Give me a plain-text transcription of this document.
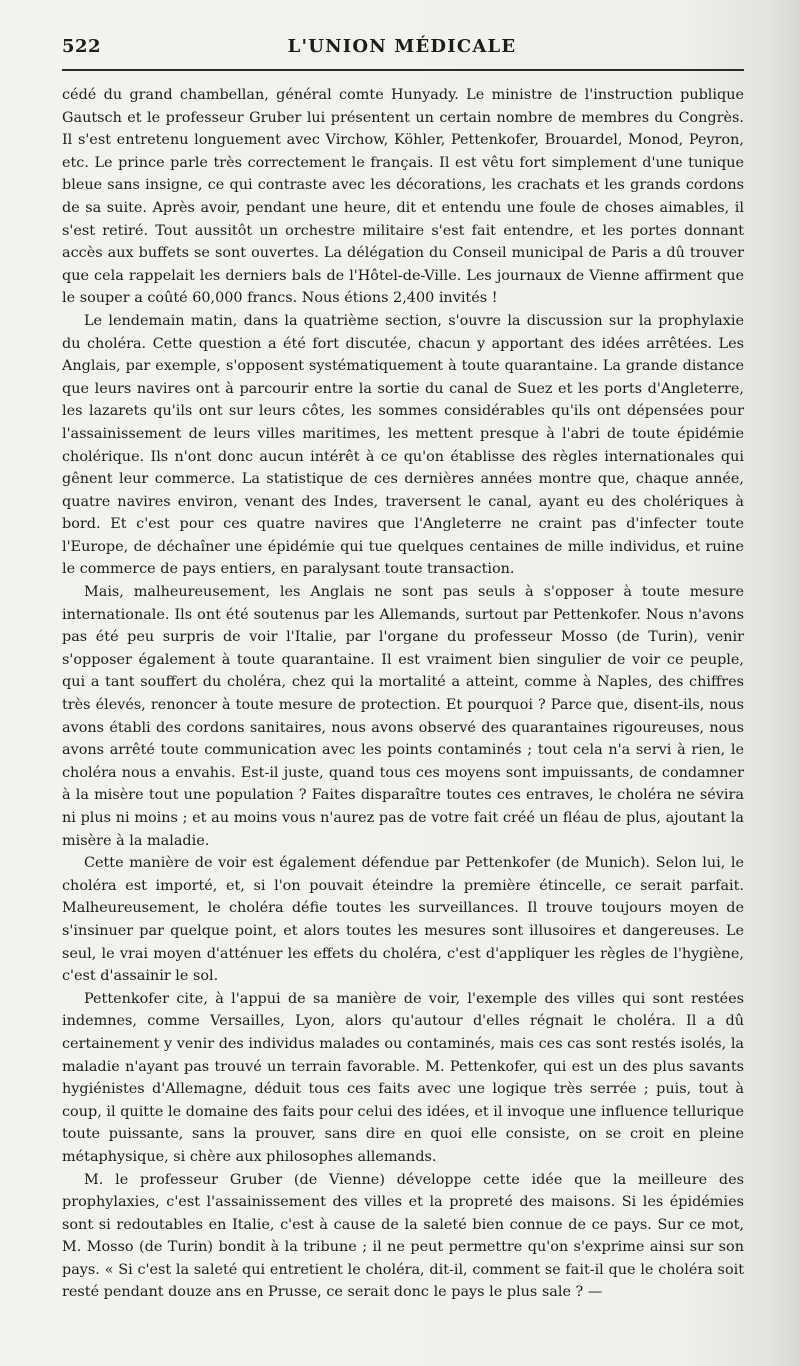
522	L'UNION MÉDICALE

cédé du grand chambellan, général comte Hunyady. Le ministre de l'instruction publique Gautsch et le professeur Gruber lui présentent un certain nombre de membres du Congrès. Il s'est entretenu longuement avec Virchow, Köhler, Pettenkofer, Brouardel, Monod, Peyron, etc. Le prince parle très correctement le français. Il est vêtu fort simplement d'une tunique bleue sans insigne, ce qui contraste avec les décorations, les crachats et les grands cordons de sa suite. Après avoir, pendant une heure, dit et entendu une foule de choses aimables, il s'est retiré. Tout aussitôt un orchestre militaire s'est fait entendre, et les portes donnant accès aux buffets se sont ouvertes. La délégation du Conseil municipal de Paris a dû trouver que cela rappelait les derniers bals de l'Hôtel-de-Ville. Les journaux de Vienne affirment que le souper a coûté 60,000 francs. Nous étions 2,400 invités !

Le lendemain matin, dans la quatrième section, s'ouvre la discussion sur la prophylaxie du choléra. Cette question a été fort discutée, chacun y apportant des idées arrêtées. Les Anglais, par exemple, s'opposent systématiquement à toute quarantaine. La grande distance que leurs navires ont à parcourir entre la sortie du canal de Suez et les ports d'Angleterre, les lazarets qu'ils ont sur leurs côtes, les sommes considérables qu'ils ont dépensées pour l'assainissement de leurs villes maritimes, les mettent presque à l'abri de toute épidémie cholérique. Ils n'ont donc aucun intérêt à ce qu'on établisse des règles internationales qui gênent leur commerce. La statistique de ces dernières années montre que, chaque année, quatre navires environ, venant des Indes, traversent le canal, ayant eu des cholériques à bord. Et c'est pour ces quatre navires que l'Angleterre ne craint pas d'infecter toute l'Europe, de déchaîner une épidémie qui tue quelques centaines de mille individus, et ruine le commerce de pays entiers, en paralysant toute transaction.

Mais, malheureusement, les Anglais ne sont pas seuls à s'opposer à toute mesure internationale. Ils ont été soutenus par les Allemands, surtout par Pettenkofer. Nous n'avons pas été peu surpris de voir l'Italie, par l'organe du professeur Mosso (de Turin), venir s'opposer également à toute quarantaine. Il est vraiment bien singulier de voir ce peuple, qui a tant souffert du choléra, chez qui la mortalité a atteint, comme à Naples, des chiffres très élevés, renoncer à toute mesure de protection. Et pourquoi ? Parce que, disent-ils, nous avons établi des cordons sanitaires, nous avons observé des quarantaines rigoureuses, nous avons arrêté toute communication avec les points contaminés ; tout cela n'a servi à rien, le choléra nous a envahis. Est-il juste, quand tous ces moyens sont impuissants, de condamner à la misère tout une population ? Faites disparaître toutes ces entraves, le choléra ne sévira ni plus ni moins ; et au moins vous n'aurez pas de votre fait créé un fléau de plus, ajoutant la misère à la maladie.

Cette manière de voir est également défendue par Pettenkofer (de Munich). Selon lui, le choléra est importé, et, si l'on pouvait éteindre la première étincelle, ce serait parfait. Malheureusement, le choléra défie toutes les surveillances. Il trouve toujours moyen de s'insinuer par quelque point, et alors toutes les mesures sont illusoires et dangereuses. Le seul, le vrai moyen d'atténuer les effets du choléra, c'est d'appliquer les règles de l'hygiène, c'est d'assainir le sol.

Pettenkofer cite, à l'appui de sa manière de voir, l'exemple des villes qui sont restées indemnes, comme Versailles, Lyon, alors qu'autour d'elles régnait le choléra. Il a dû certainement y venir des individus malades ou contaminés, mais ces cas sont restés isolés, la maladie n'ayant pas trouvé un terrain favorable. M. Pettenkofer, qui est un des plus savants hygiénistes d'Allemagne, déduit tous ces faits avec une logique très serrée ; puis, tout à coup, il quitte le domaine des faits pour celui des idées, et il invoque une influence tellurique toute puissante, sans la prouver, sans dire en quoi elle consiste, on se croit en pleine métaphysique, si chère aux philosophes allemands.

M. le professeur Gruber (de Vienne) développe cette idée que la meilleure des prophylaxies, c'est l'assainissement des villes et la propreté des maisons. Si les épidémies sont si redoutables en Italie, c'est à cause de la saleté bien connue de ce pays. Sur ce mot, M. Mosso (de Turin) bondit à la tribune ; il ne peut permettre qu'on s'exprime ainsi sur son pays. « Si c'est la saleté qui entretient le choléra, dit-il, comment se fait-il que le choléra soit resté pendant douze ans en Prusse, ce serait donc le pays le plus sale ? —
